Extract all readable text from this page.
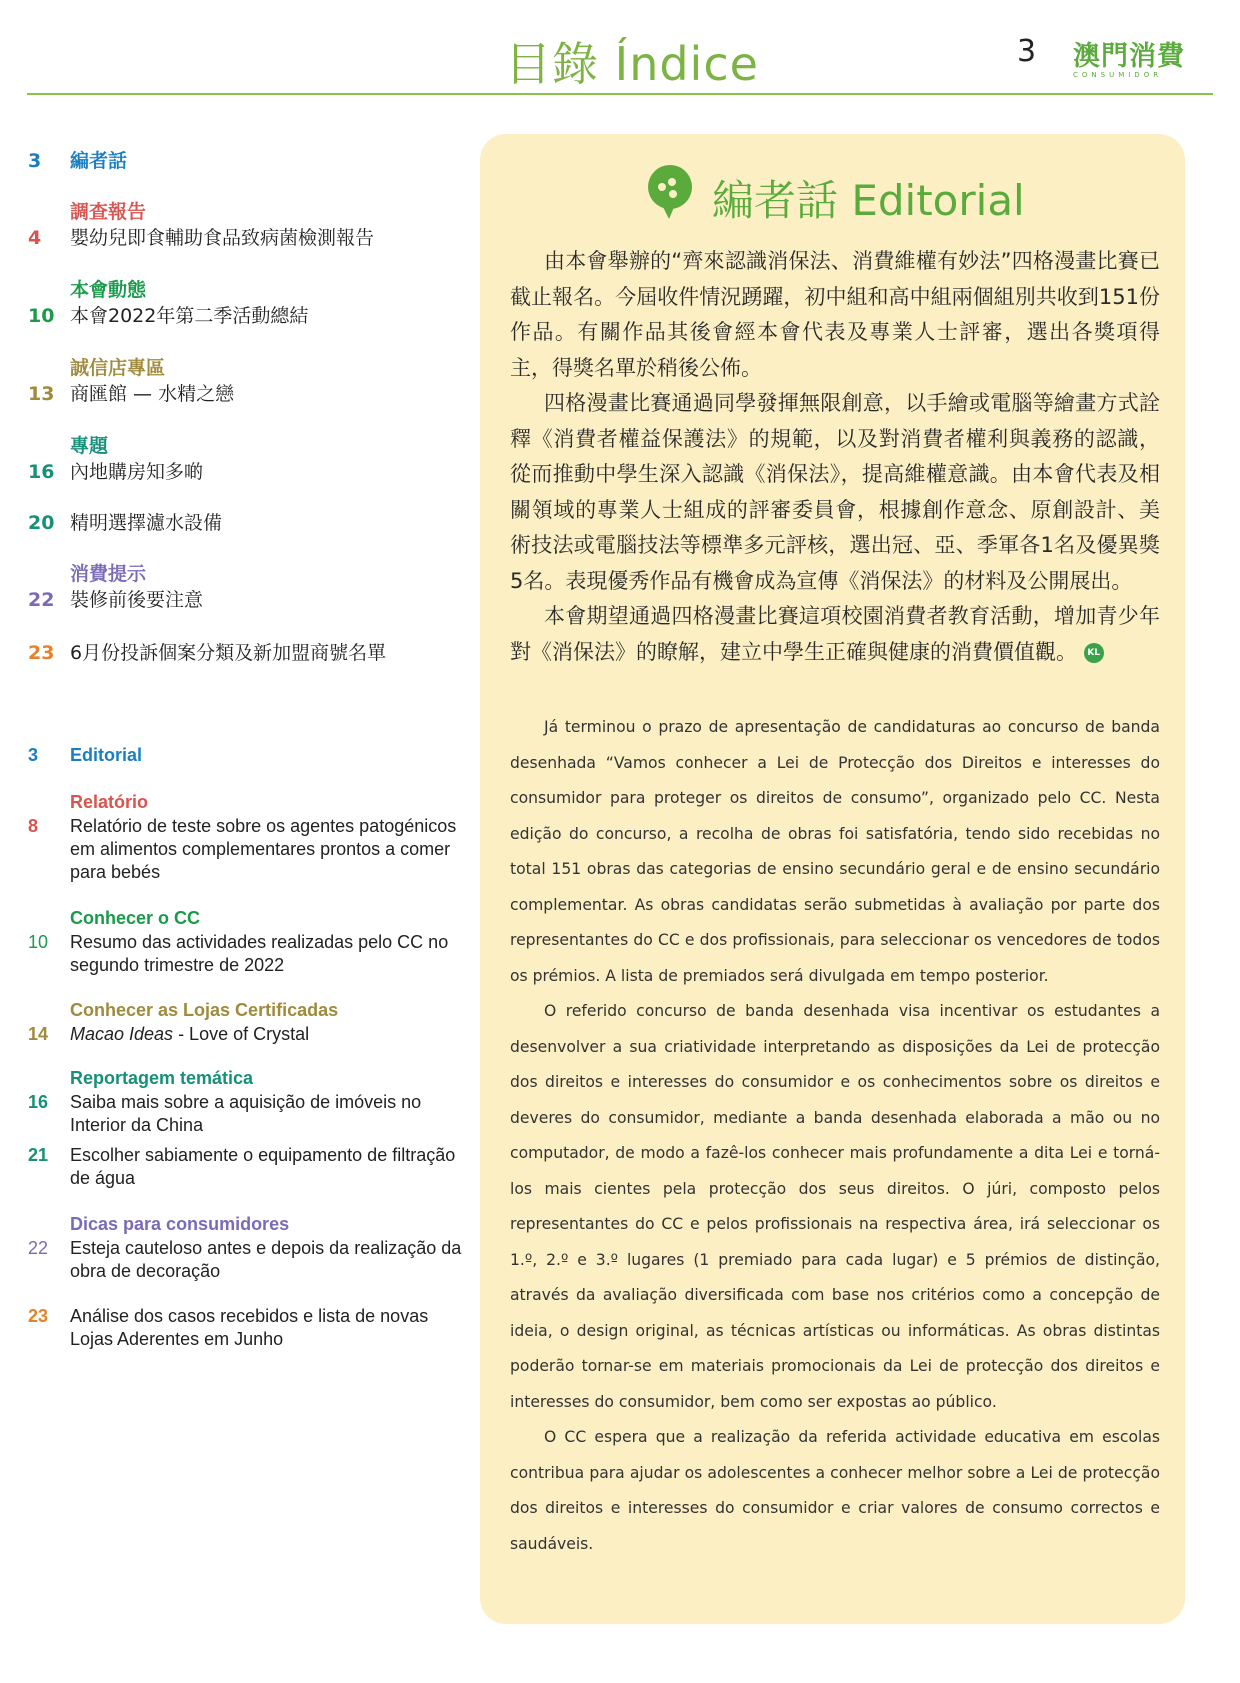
目錄 Índice	3 澳門消費
CONSUMIDOR
3	編者話
調查報告
4	嬰幼兒即食輔助食品致病菌檢測報告
本會動態
10 本會2022年第二季活動總結
誠信店專區
13 商匯館 — 水精之戀
專題
16 內地購房知多啲
20 精明選擇濾水設備
消費提示
22 裝修前後要注意
23 6月份投訴個案分類及新加盟商號名單
3	Editorial
Relatório
8	Relatório de teste sobre os agentes patogénicos em alimentos complementares prontos a comer para bebés
Conhecer o CC
10	Resumo das actividades realizadas pelo CC no segundo trimestre de 2022
Conhecer as Lojas Certificadas
14	Macao Ideas - Love of Crystal
Reportagem temática
16	Saiba mais sobre a aquisição de imóveis no Interior da China
21	Escolher sabiamente o equipamento de filtração de água
Dicas para consumidores
22	Esteja cauteloso antes e depois da realização da obra de decoração
23	Análise dos casos recebidos e lista de novas Lojas Aderentes em Junho
編者話 Editorial

由本會舉辦的“齊來認識消保法、消費維權有妙法”四格漫畫比賽已截止報名。今屆收件情況踴躍，初中組和高中組兩個組別共收到151份作品。有關作品其後會經本會代表及專業人士評審，選出各獎項得主，得獎名單於稍後公佈。

四格漫畫比賽通過同學發揮無限創意，以手繪或電腦等繪畫方式詮釋《消費者權益保護法》的規範，以及對消費者權利與義務的認識，從而推動中學生深入認識《消保法》，提高維權意識。由本會代表及相關領域的專業人士組成的評審委員會，根據創作意念、原創設計、美術技法或電腦技法等標準多元評核，選出冠、亞、季軍各1名及優異獎5名。表現優秀作品有機會成為宣傳《消保法》的材料及公開展出。

本會期望通過四格漫畫比賽這項校園消費者教育活動，增加青少年對《消保法》的瞭解，建立中學生正確與健康的消費價值觀。 KL

Já terminou o prazo de apresentação de candidaturas ao concurso de banda desenhada “Vamos conhecer a Lei de Protecção dos Direitos e interesses do consumidor para proteger os direitos de consumo”, organizado pelo CC. Nesta edição do concurso, a recolha de obras foi satisfatória, tendo sido recebidas no total 151 obras das categorias de ensino secundário geral e de ensino secundário complementar. As obras candidatas serão submetidas à avaliação por parte dos representantes do CC e dos profissionais, para seleccionar os vencedores de todos os prémios. A lista de premiados será divulgada em tempo posterior.

O referido concurso de banda desenhada visa incentivar os estudantes a desenvolver a sua criatividade interpretando as disposições da Lei de protecção dos direitos e interesses do consumidor e os conhecimentos sobre os direitos e deveres do consumidor, mediante a banda desenhada elaborada a mão ou no computador, de modo a fazê-los conhecer mais profundamente a dita Lei e torná-los mais cientes pela protecção dos seus direitos. O júri, composto pelos representantes do CC e pelos profissionais na respectiva área, irá seleccionar os 1.º, 2.º e 3.º lugares (1 premiado para cada lugar) e 5 prémios de distinção, através da avaliação diversificada com base nos critérios como a concepção de ideia, o design original, as técnicas artísticas ou informáticas. As obras distintas poderão tornar-se em materiais promocionais da Lei de protecção dos direitos e interesses do consumidor, bem como ser expostas ao público.

O CC espera que a realização da referida actividade educativa em escolas contribua para ajudar os adolescentes a conhecer melhor sobre a Lei de protecção dos direitos e interesses do consumidor e criar valores de consumo correctos e saudáveis.
